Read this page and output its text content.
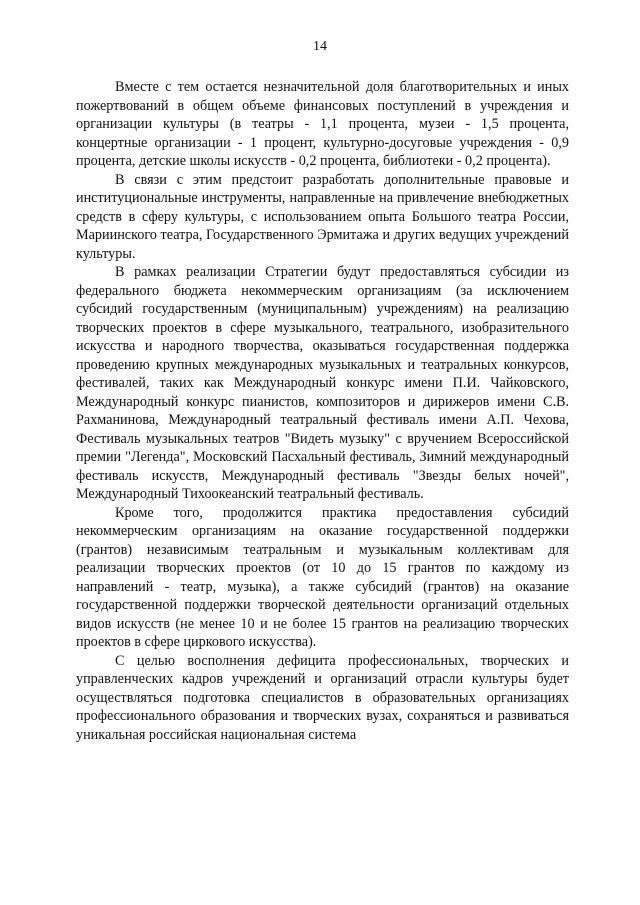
14

Вместе с тем остается незначительной доля благотворительных и иных пожертвований в общем объеме финансовых поступлений в учреждения и организации культуры (в театры - 1,1 процента, музеи - 1,5 процента, концертные организации - 1 процент, культурно-досуговые учреждения - 0,9 процента, детские школы искусств - 0,2 процента, библиотеки - 0,2 процента).

В связи с этим предстоит разработать дополнительные правовые и институциональные инструменты, направленные на привлечение внебюджетных средств в сферу культуры, с использованием опыта Большого театра России, Мариинского театра, Государственного Эрмитажа и других ведущих учреждений культуры.

В рамках реализации Стратегии будут предоставляться субсидии из федерального бюджета некоммерческим организациям (за исключением субсидий государственным (муниципальным) учреждениям) на реализацию творческих проектов в сфере музыкального, театрального, изобразительного искусства и народного творчества, оказываться государственная поддержка проведению крупных международных музыкальных и театральных конкурсов, фестивалей, таких как Международный конкурс имени П.И. Чайковского, Международный конкурс пианистов, композиторов и дирижеров имени С.В. Рахманинова, Международный театральный фестиваль имени А.П. Чехова, Фестиваль музыкальных театров "Видеть музыку" с вручением Всероссийской премии "Легенда", Московский Пасхальный фестиваль, Зимний международный фестиваль искусств, Международный фестиваль "Звезды белых ночей", Международный Тихоокеанский театральный фестиваль.

Кроме того, продолжится практика предоставления субсидий некоммерческим организациям на оказание государственной поддержки (грантов) независимым театральным и музыкальным коллективам для реализации творческих проектов (от 10 до 15 грантов по каждому из направлений - театр, музыка), а также субсидий (грантов) на оказание государственной поддержки творческой деятельности организаций отдельных видов искусств (не менее 10 и не более 15 грантов на реализацию творческих проектов в сфере циркового искусства).

С целью восполнения дефицита профессиональных, творческих и управленческих кадров учреждений и организаций отрасли культуры будет осуществляться подготовка специалистов в образовательных организациях профессионального образования и творческих вузах, сохраняться и развиваться уникальная российская национальная система
